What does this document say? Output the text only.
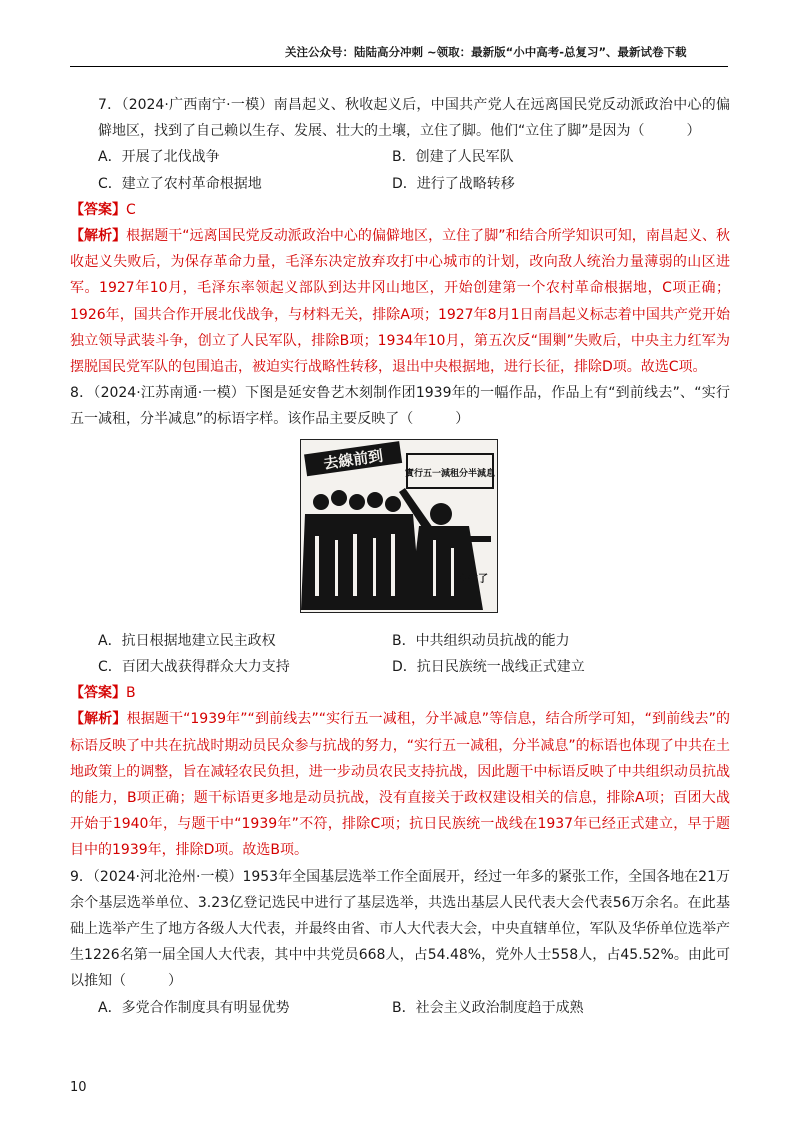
关注公众号：陆陆高分冲刺 ~领取：最新版“小中高考-总复习”、最新试卷下载
7．（2024·广西南宁·一模）南昌起义、秋收起义后，中国共产党人在远离国民党反动派政治中心的偏僻地区，找到了自己赖以生存、发展、壮大的土壤，立住了脚。他们“立住了脚”是因为（　　　）
A．开展了北伐战争	B．创建了人民军队
C．建立了农村革命根据地	D．进行了战略转移
【答案】C
【解析】根据题干“远离国民党反动派政治中心的偏僻地区，立住了脚”和结合所学知识可知，南昌起义、秋收起义失败后，为保存革命力量，毛泽东决定放弃攻打中心城市的计划，改向敌人统治力量薄弱的山区进军。1927年10月，毛泽东率领起义部队到达井冈山地区，开始创建第一个农村革命根据地，C项正确；1926年，国共合作开展北伐战争，与材料无关，排除A项；1927年8月1日南昌起义标志着中国共产党开始独立领导武装斗争，创立了人民军队，排除B项；1934年10月，第五次反“围剿”失败后，中央主力红军为摆脱国民党军队的包围追击，被迫实行战略性转移，退出中央根据地，进行长征，排除D项。故选C项。
8．（2024·江苏南通·一模）下图是延安鲁艺木刻制作团1939年的一幅作品，作品上有“到前线去”、“实行五一减租，分半减息”的标语字样。该作品主要反映了（　　　）
去線前到
實行五一減租分半減息
立住了
A．抗日根据地建立民主政权	B．中共组织动员抗战的能力
C．百团大战获得群众大力支持	D．抗日民族统一战线正式建立
【答案】B
【解析】根据题干“1939年”“到前线去”“实行五一减租，分半减息”等信息，结合所学可知，“到前线去”的标语反映了中共在抗战时期动员民众参与抗战的努力，“实行五一减租，分半减息”的标语也体现了中共在土地政策上的调整，旨在减轻农民负担，进一步动员农民支持抗战，因此题干中标语反映了中共组织动员抗战的能力，B项正确；题干标语更多地是动员抗战，没有直接关于政权建设相关的信息，排除A项；百团大战开始于1940年，与题干中“1939年”不符，排除C项；抗日民族统一战线在1937年已经正式建立，早于题目中的1939年，排除D项。故选B项。
9．（2024·河北沧州·一模）1953年全国基层选举工作全面展开，经过一年多的紧张工作，全国各地在21万余个基层选举单位、3.23亿登记选民中进行了基层选举，共选出基层人民代表大会代表56万余名。在此基础上选举产生了地方各级人大代表，并最终由省、市人大代表大会，中央直辖单位，军队及华侨单位选举产生1226名第一届全国人大代表，其中中共党员668人，占54.48%，党外人士558人，占45.52%。由此可以推知（　　　）
A．多党合作制度具有明显优势	B．社会主义政治制度趋于成熟
10
